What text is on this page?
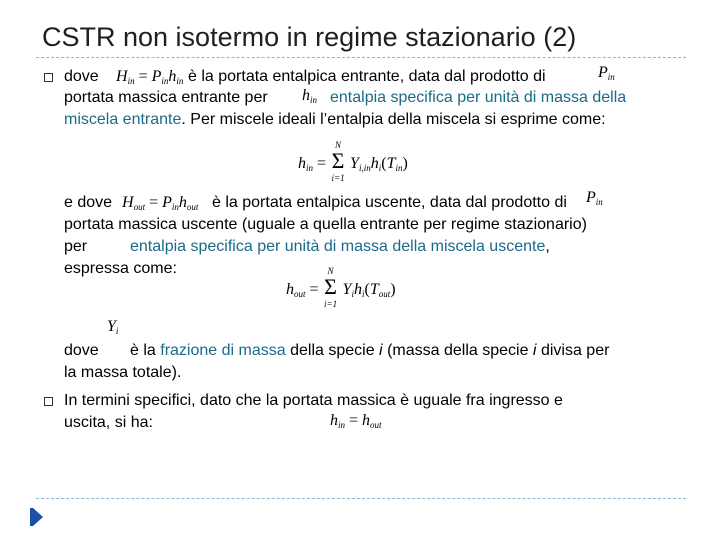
CSTR non isotermo in regime stazionario (2)
dove $H_{in} = P_{in}h_{in}$ è la portata entalpica entrante, data dal prodotto di	$P_{in}$
portata massica entrante per $h_{in}$ entalpia specifica per unità di massa della
miscela entrante. Per miscele ideali l’entalpia della miscela si esprime come:
$h_{in}$ =
N
Σ
i=1
$Y_{i,in}h_i(T_{in})$
e dove $H_{out} = P_{in}h_{out}$ è la portata entalpica uscente, data dal prodotto di $P_{in}$
portata massica uscente (uguale a quella entrante per regime stazionario)
per	entalpia specifica per unità di massa della miscela uscente,
espressa come:
$h_{out}$ =
N
Σ
i=1
$Y_ih_i(T_{out})$
$Y_i$
dove è la frazione di massa della specie i (massa della specie i divisa per
la massa totale).
In termini specifici, dato che la portata massica è uguale fra ingresso e
uscita, si ha:	$h_{in} = h_{out}$
